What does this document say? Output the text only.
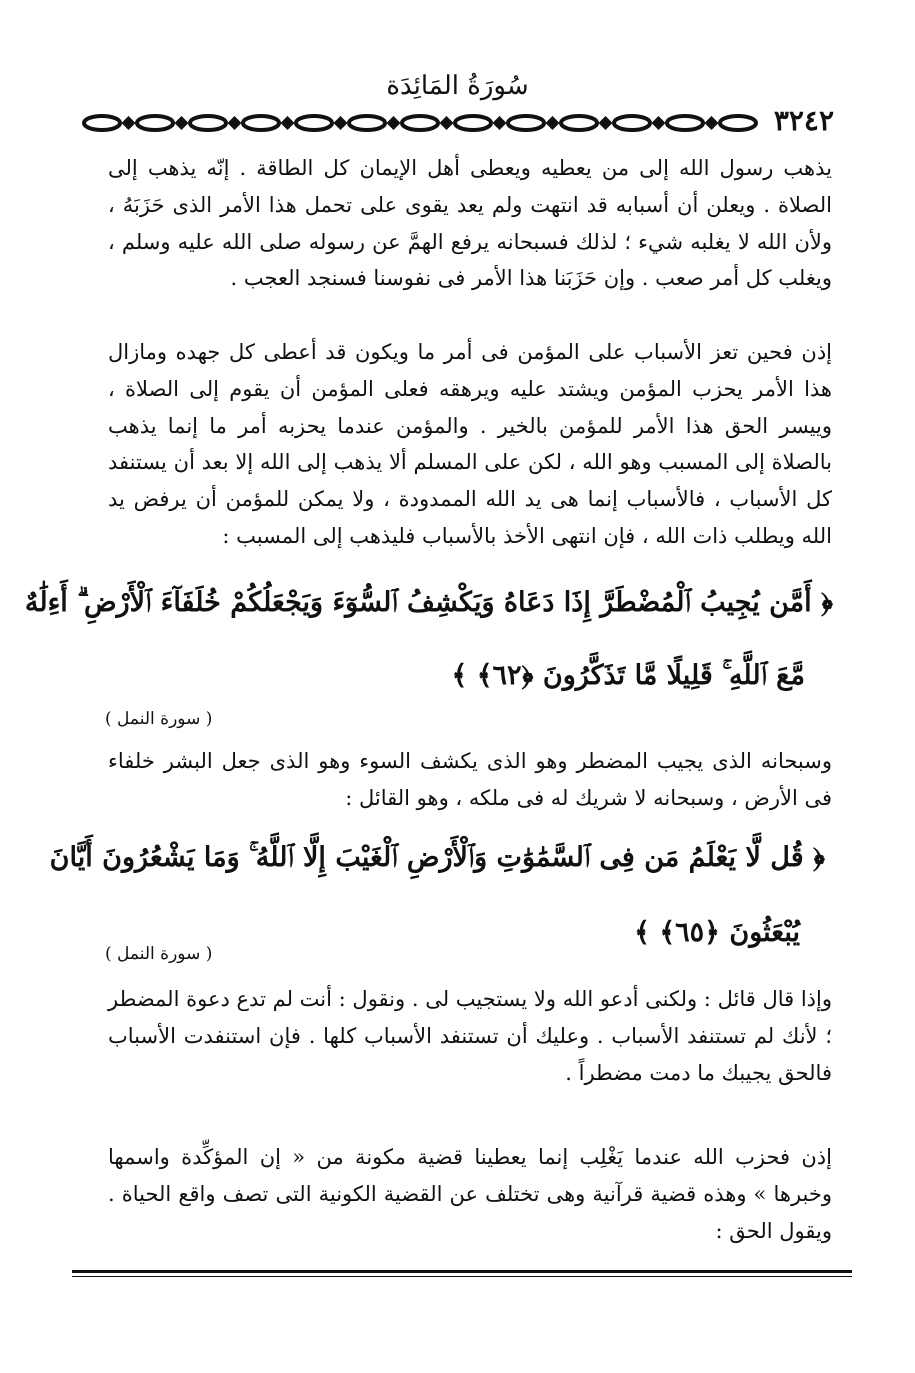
سُورَةُ المَائِدَة
٣٢٤٢
يذهب رسول الله إلى من يعطيه ويعطى أهل الإيمان كل الطاقة . إنّه يذهب إلى الصلاة . ويعلن أن أسبابه قد انتهت ولم يعد يقوى على تحمل هذا الأمر الذى حَزَبَهُ ، ولأن الله لا يغلبه شيء ؛ لذلك فسبحانه يرفع الهمَّ عن رسوله صلى الله عليه وسلم ، ويغلب كل أمر صعب . وإن حَزَبَنا هذا الأمر فى نفوسنا فسنجد العجب .
إذن فحين تعز الأسباب على المؤمن فى أمر ما ويكون قد أعطى كل جهده ومازال هذا الأمر يحزب المؤمن ويشتد عليه ويرهقه فعلى المؤمن أن يقوم إلى الصلاة ، وييسر الحق هذا الأمر للمؤمن بالخير . والمؤمن عندما يحزبه أمر ما إنما يذهب بالصلاة إلى المسبب وهو الله ، لكن على المسلم ألا يذهب إلى الله إلا بعد أن يستنفد كل الأسباب ، فالأسباب إنما هى يد الله الممدودة ، ولا يمكن للمؤمن أن يرفض يد الله ويطلب ذات الله ، فإن انتهى الأخذ بالأسباب فليذهب إلى المسبب :
﴿ أَمَّن يُجِيبُ ٱلْمُضْطَرَّ إِذَا دَعَاهُ وَيَكْشِفُ ٱلسُّوٓءَ وَيَجْعَلُكُمْ خُلَفَآءَ ٱلْأَرْضِ ۗ أَءِلَٰهٌ
مَّعَ ٱللَّهِ ۚ قَلِيلًا مَّا تَذَكَّرُونَ ﴿٦٢﴾ ﴾
( سورة النمل )
وسبحانه الذى يجيب المضطر وهو الذى يكشف السوء وهو الذى جعل البشر خلفاء فى الأرض ، وسبحانه لا شريك له فى ملكه ، وهو القائل :
﴿ قُل لَّا يَعْلَمُ مَن فِى ٱلسَّمَٰوَٰتِ وَٱلْأَرْضِ ٱلْغَيْبَ إِلَّا ٱللَّهُ ۚ وَمَا يَشْعُرُونَ أَيَّانَ
يُبْعَثُونَ ﴿٦٥﴾ ﴾
( سورة النمل )
وإذا قال قائل : ولكنى أدعو الله ولا يستجيب لى . ونقول : أنت لم تدع دعوة المضطر ؛ لأنك لم تستنفد الأسباب . وعليك أن تستنفد الأسباب كلها . فإن استنفدت الأسباب فالحق يجيبك ما دمت مضطراً .
إذن فحزب الله عندما يَغْلِب إنما يعطينا قضية مكونة من « إن المؤكِّدة واسمها وخبرها » وهذه قضية قرآنية وهى تختلف عن القضية الكونية التى تصف واقع الحياة . ويقول الحق :
